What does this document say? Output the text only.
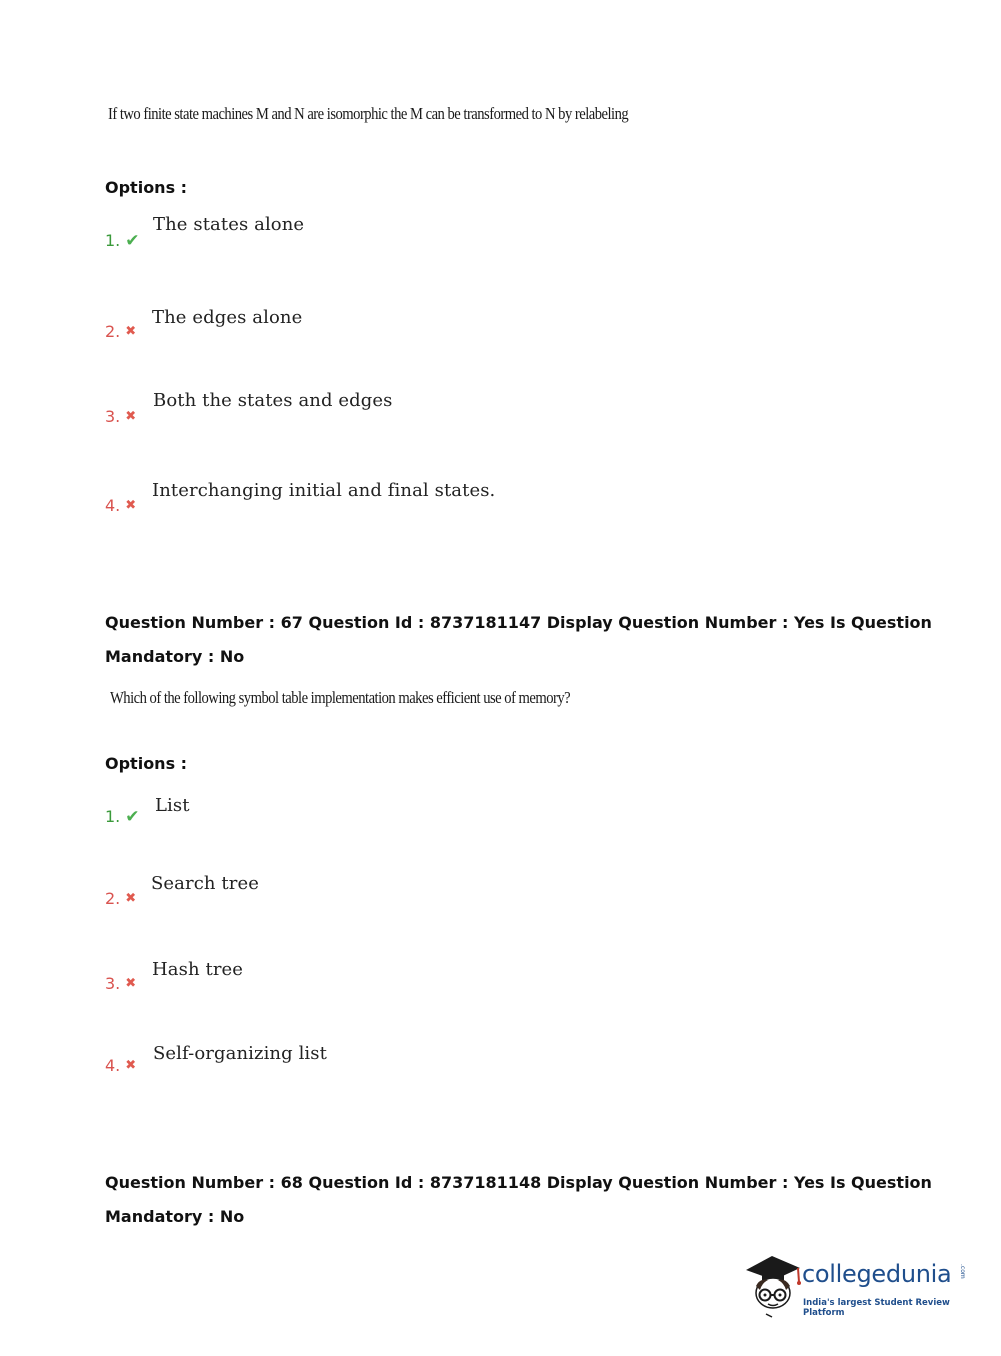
If two finite state machines M and N are isomorphic the M can be transformed to N by relabeling
Options :
The states alone
1. ✔
The edges alone
2. ✖
Both the states and edges
3. ✖
Interchanging initial and final states.
4. ✖
Question Number : 67 Question Id : 8737181147 Display Question Number : Yes Is Question
Mandatory : No
Which of the following symbol table implementation makes efficient use of memory?
Options :
List
1. ✔
Search tree
2. ✖
Hash tree
3. ✖
Self-organizing list
4. ✖
Question Number : 68 Question Id : 8737181148 Display Question Number : Yes Is Question
Mandatory : No
collegedunia .com
India's largest Student Review Platform
